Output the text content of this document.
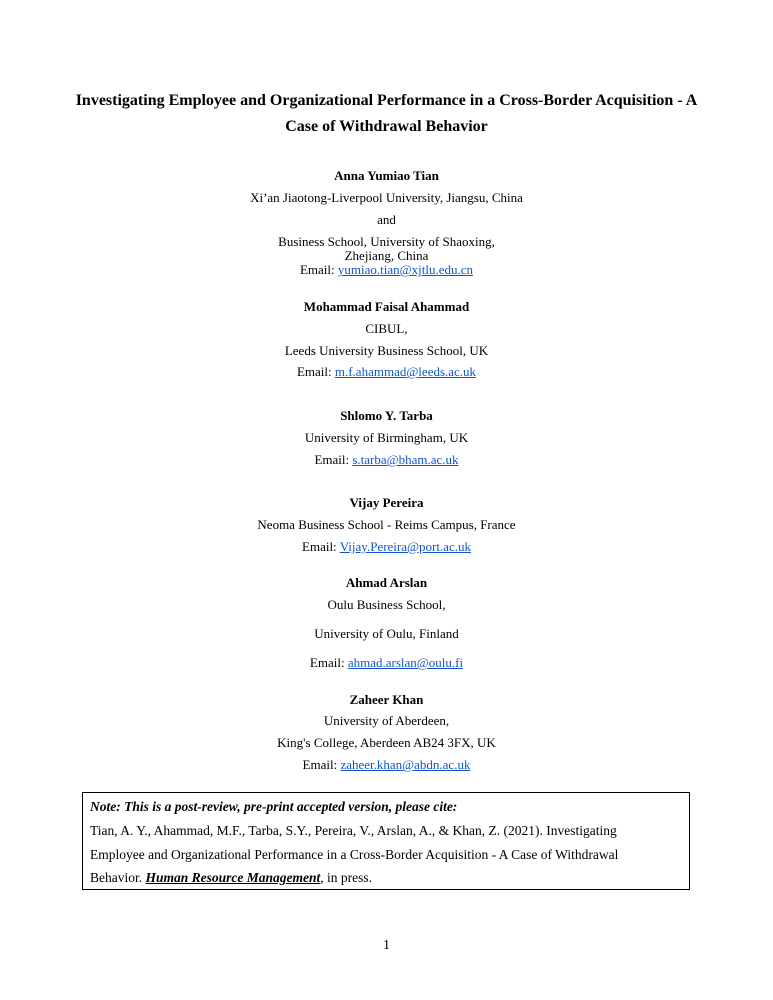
Investigating Employee and Organizational Performance in a Cross-Border Acquisition - A
Case of Withdrawal Behavior
Anna Yumiao Tian
Xi’an Jiaotong-Liverpool University, Jiangsu, China
and
Business School, University of Shaoxing,
Zhejiang, China
Email: yumiao.tian@xjtlu.edu.cn
Mohammad Faisal Ahammad
CIBUL,
Leeds University Business School, UK
Email: m.f.ahammad@leeds.ac.uk
Shlomo Y. Tarba
University of Birmingham, UK
Email: s.tarba@bham.ac.uk
Vijay Pereira
Neoma Business School - Reims Campus, France
Email: Vijay.Pereira@port.ac.uk
Ahmad Arslan
Oulu Business School,
University of Oulu, Finland
Email: ahmad.arslan@oulu.fi
Zaheer Khan
University of Aberdeen,
King's College, Aberdeen AB24 3FX, UK
Email: zaheer.khan@abdn.ac.uk
Note: This is a post-review, pre-print accepted version, please cite:
Tian, A. Y., Ahammad, M.F., Tarba, S.Y., Pereira, V., Arslan, A., & Khan, Z. (2021). Investigating
Employee and Organizational Performance in a Cross-Border Acquisition - A Case of Withdrawal
Behavior. Human Resource Management, in press.
1
